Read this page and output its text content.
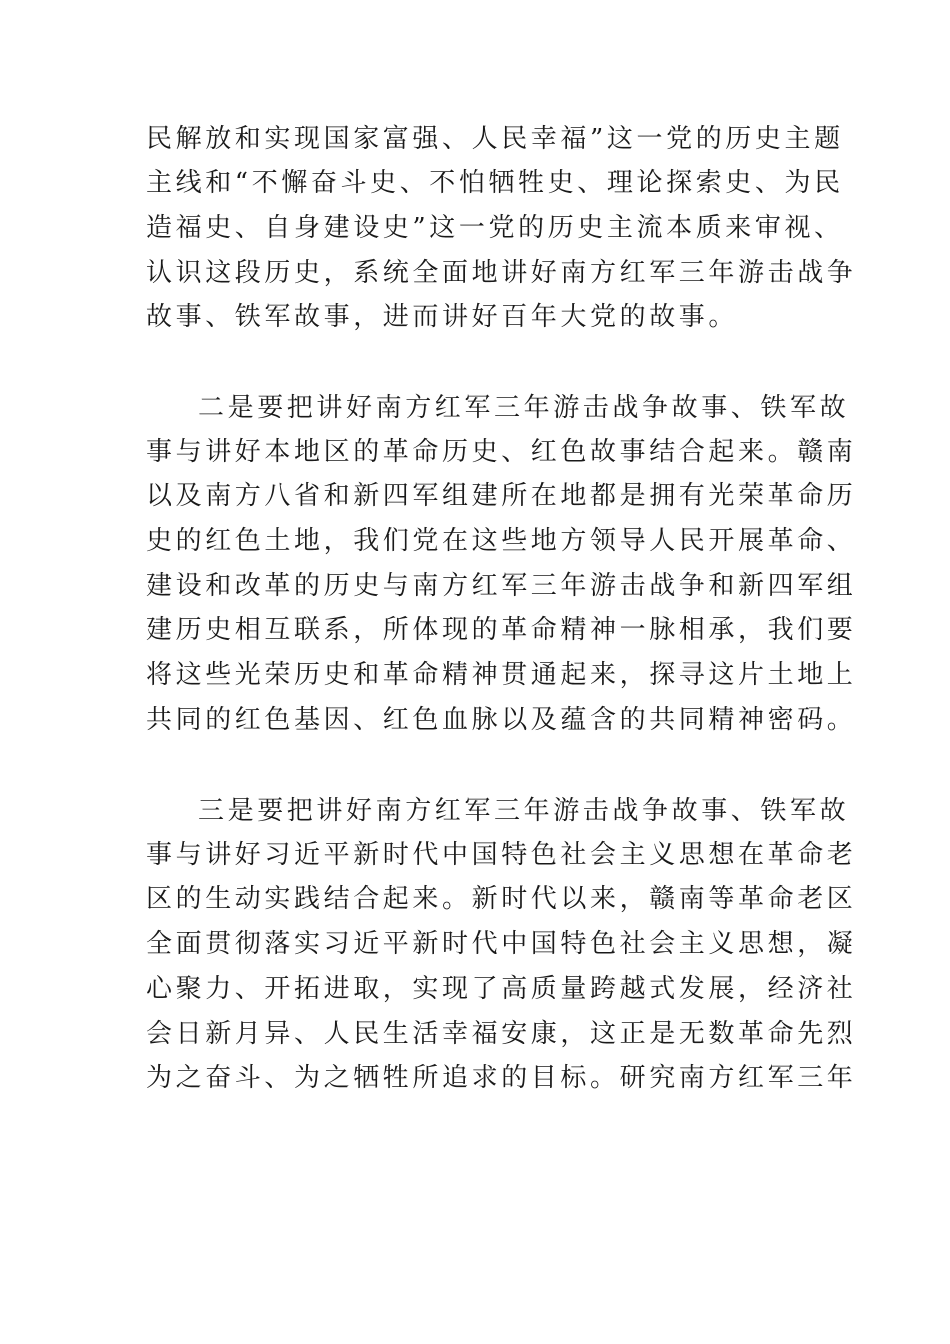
民解放和实现国家富强、人民幸福”这一党的历史主题

主线和“不懈奋斗史、不怕牺牲史、理论探索史、为民

造福史、自身建设史”这一党的历史主流本质来审视、

认识这段历史，系统全面地讲好南方红军三年游击战争

故事、铁军故事，进而讲好百年大党的故事。

二是要把讲好南方红军三年游击战争故事、铁军故

事与讲好本地区的革命历史、红色故事结合起来。赣南

以及南方八省和新四军组建所在地都是拥有光荣革命历

史的红色土地，我们党在这些地方领导人民开展革命、

建设和改革的历史与南方红军三年游击战争和新四军组

建历史相互联系，所体现的革命精神一脉相承，我们要

将这些光荣历史和革命精神贯通起来，探寻这片土地上

共同的红色基因、红色血脉以及蕴含的共同精神密码。

三是要把讲好南方红军三年游击战争故事、铁军故

事与讲好习近平新时代中国特色社会主义思想在革命老

区的生动实践结合起来。新时代以来，赣南等革命老区

全面贯彻落实习近平新时代中国特色社会主义思想，凝

心聚力、开拓进取，实现了高质量跨越式发展，经济社

会日新月异、人民生活幸福安康，这正是无数革命先烈

为之奋斗、为之牺牲所追求的目标。研究南方红军三年
